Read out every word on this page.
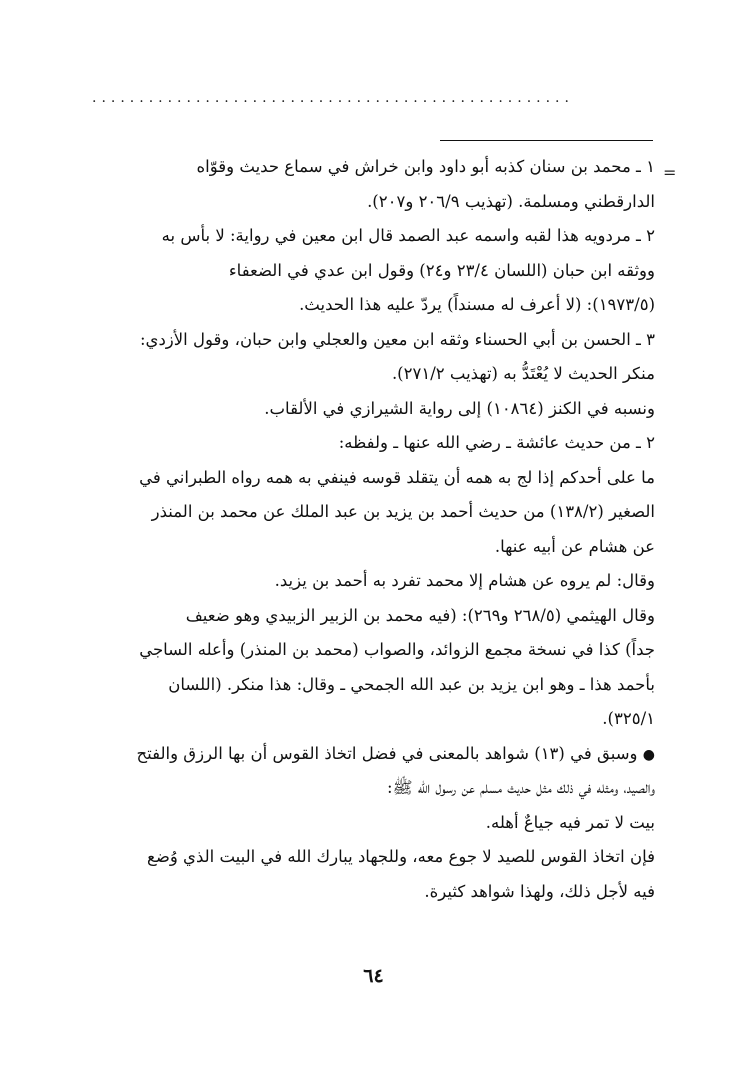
...................................................
=
١ ـ محمد بن سنان كذبه أبو داود وابن خراش في سماع حديث وقوّاه
الدارقطني ومسلمة. (تهذيب ٢٠٦/٩ و٢٠٧).
٢ ـ مردويه هذا لقبه واسمه عبد الصمد قال ابن معين في رواية: لا بأس به
ووثقه ابن حبان (اللسان ٢٣/٤ و٢٤) وقول ابن عدي في الضعفاء
(١٩٧٣/٥): (لا أعرف له مسنداً) يردّ عليه هذا الحديث.
٣ ـ الحسن بن أبي الحسناء وثقه ابن معين والعجلي وابن حبان، وقول الأزدي:
منكر الحديث لا يُعْتَدُّ به (تهذيب ٢٧١/٢).
ونسبه في الكنز (١٠٨٦٤) إلى رواية الشيرازي في الألقاب.
٢ ـ من حديث عائشة ـ رضي الله عنها ـ ولفظه:
ما على أحدكم إذا لج به همه أن يتقلد قوسه فينفي به همه رواه الطبراني في
الصغير (١٣٨/٢) من حديث أحمد بن يزيد بن عبد الملك عن محمد بن المنذر
عن هشام عن أبيه عنها.
وقال: لم يروه عن هشام إلا محمد تفرد به أحمد بن يزيد.
وقال الهيثمي (٢٦٨/٥ و٢٦٩): (فيه محمد بن الزبير الزبيدي وهو ضعيف
جداً) كذا في نسخة مجمع الزوائد، والصواب (محمد بن المنذر) وأعله الساجي
بأحمد هذا ـ وهو ابن يزيد بن عبد الله الجمحي ـ وقال: هذا منكر. (اللسان
٣٢٥/١).
● وسبق في (١٣) شواهد بالمعنى في فضل اتخاذ القوس أن بها الرزق والفتح
والصيد، ومثله في ذلك مثل حديث مسلم عن رسول الله ﷺ:
بيت لا تمر فيه جياعٌ أهله.
فإن اتخاذ القوس للصيد لا جوع معه، وللجهاد يبارك الله في البيت الذي وُضع
فيه لأجل ذلك، ولهذا شواهد كثيرة.
٦٤
